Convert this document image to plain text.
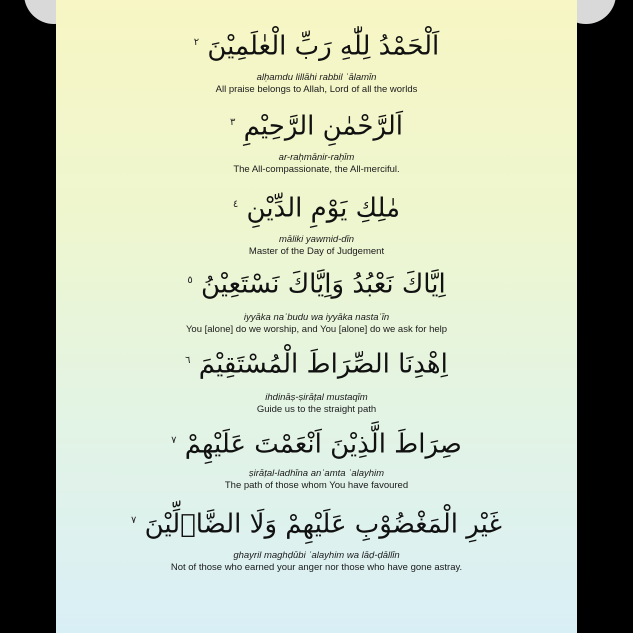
اَلْحَمْدُ لِلّٰهِ رَبِّ الْعٰلَمِيْنَ $^٢$
alḥamdu lillāhi rabbil ʿālamīn
All praise belongs to Allah, Lord of all the worlds
اَلرَّحْمٰنِ الرَّحِيْمِ $^٣$
ar-raḥmānir-raḥīm
The All-compassionate, the All-merciful.
مٰلِكِ يَوْمِ الدِّيْنِ $^٤$
māliki yawmid-dīn
Master of the Day of Judgement
اِيَّاكَ نَعْبُدُ وَاِيَّاكَ نَسْتَعِيْنُ $^٥$
iyyāka naʿbudu wa iyyāka nastaʿīn
You [alone] do we worship, and You [alone] do we ask for help
اِهْدِنَا الصِّرَاطَ الْمُسْتَقِيْمَ $^٦$
ihdināṣ-ṣirāṭal mustaqīm
Guide us to the straight path
صِرَاطَ الَّذِيْنَ اَنْعَمْتَ عَلَيْهِمْ $^٧$
ṣirāṭal-ladhīna anʿamta ʿalayhim
The path of those whom You have favoured
غَيْرِ الْمَغْضُوْبِ عَلَيْهِمْ وَلَا الضَّاۤلِّيْنَ $^٧$
ghayril maghḍūbi ʿalayhim wa lāḍ-ḍāllīn
Not of those who earned your anger nor those who have gone astray.
